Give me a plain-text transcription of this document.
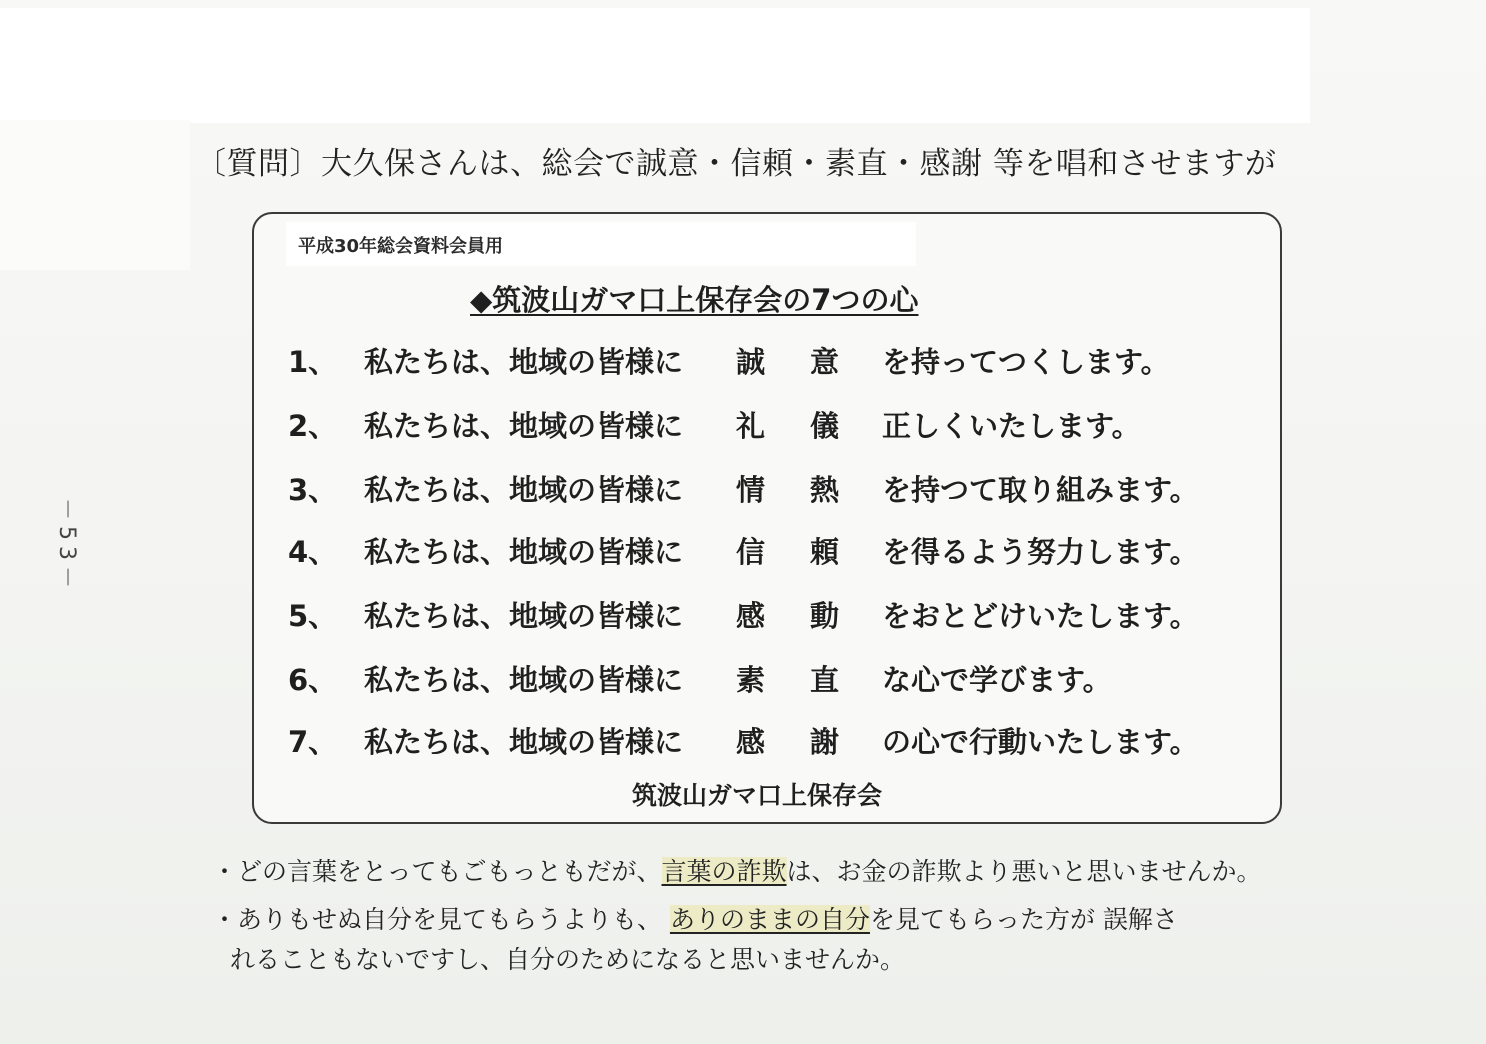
〔質問〕大久保さんは、総会で誠意・信頼・素直・感謝 等を唱和させますが
－53－
平成30年総会資料会員用
◆筑波山ガマ口上保存会の7つの心
1、 私たちは、地域の皆様に 誠 意 を持ってつくします。
2、 私たちは、地域の皆様に 礼 儀 正しくいたします。
3、 私たちは、地域の皆様に 情 熱 を持つて取り組みます。
4、 私たちは、地域の皆様に 信 頼 を得るよう努力します。
5、 私たちは、地域の皆様に 感 動 をおとどけいたします。
6、 私たちは、地域の皆様に 素 直 な心で学びます。
7、 私たちは、地域の皆様に 感 謝 の心で行動いたします。
筑波山ガマ口上保存会
・どの言葉をとってもごもっともだが、言葉の詐欺は、お金の詐欺より悪いと思いませんか。
・ありもせぬ自分を見てもらうよりも、 ありのままの自分を見てもらった方が 誤解さ
れることもないですし、自分のためになると思いませんか。
